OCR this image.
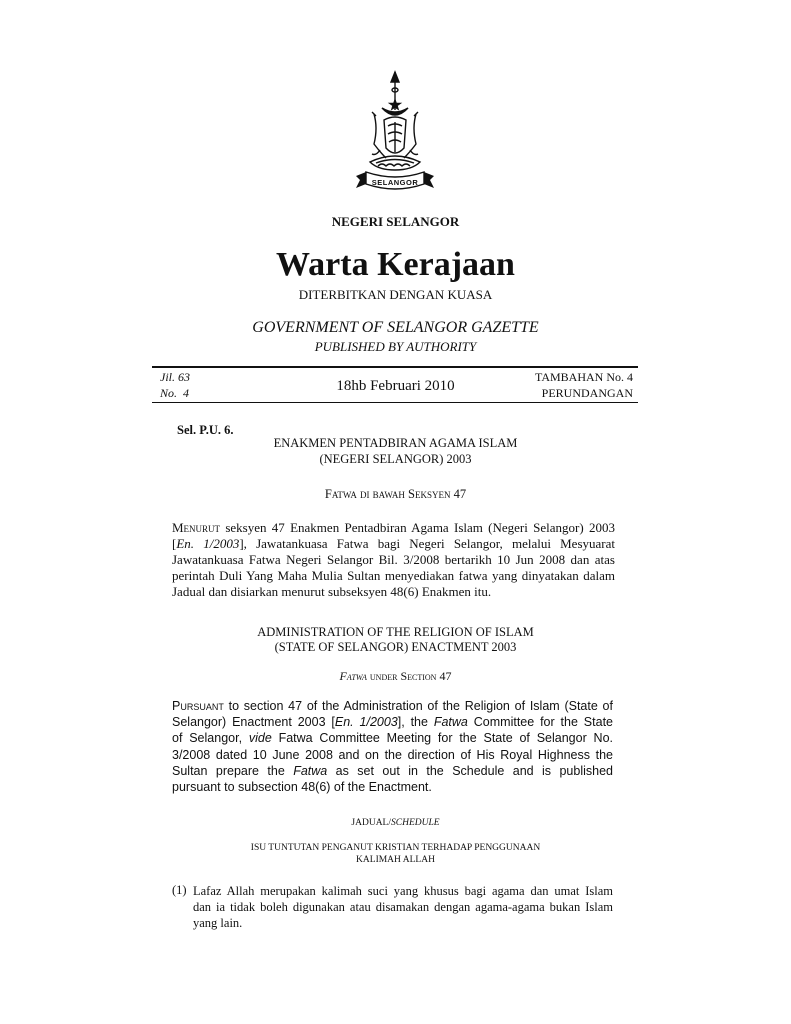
SELANGOR
NEGERI SELANGOR
Warta Kerajaan
DITERBITKAN DENGAN KUASA
GOVERNMENT OF SELANGOR GAZETTE
PUBLISHED BY AUTHORITY
Jil. 63
No.  4	18hb Februari 2010
TAMBAHAN No. 4
PERUNDANGAN
Sel. P.U. 6.
ENAKMEN PENTADBIRAN AGAMA ISLAM
(NEGERI SELANGOR) 2003
Fatwa di bawah Seksyen 47
Menurut seksyen 47 Enakmen Pentadbiran Agama Islam (Negeri Selangor) 2003
[En. 1/2003], Jawatankuasa Fatwa bagi Negeri Selangor, melalui Mesyuarat
Jawatankuasa Fatwa Negeri Selangor Bil. 3/2008 bertarikh 10 Jun 2008 dan atas
perintah Duli Yang Maha Mulia Sultan menyediakan fatwa yang dinyatakan dalam
Jadual dan disiarkan menurut subseksyen 48(6) Enakmen itu.
ADMINISTRATION OF THE RELIGION OF ISLAM
(STATE OF SELANGOR) ENACTMENT 2003
Fatwa under Section 47
Pursuant to section 47 of the Administration of the Religion of Islam (State of
Selangor) Enactment 2003 [En. 1/2003], the Fatwa Committee for the State
of Selangor, vide Fatwa Committee Meeting for the State of Selangor No.
3/2008 dated 10 June 2008 and on the direction of His Royal Highness the
Sultan prepare the Fatwa as set out in the Schedule and is published
pursuant to subsection 48(6) of the Enactment.
JADUAL/SCHEDULE
ISU TUNTUTAN PENGANUT KRISTIAN TERHADAP PENGGUNAAN
KALIMAH ALLAH
(1) Lafaz Allah merupakan kalimah suci yang khusus bagi agama dan umat Islam
dan ia tidak boleh digunakan atau disamakan dengan agama-agama bukan Islam
yang lain.
